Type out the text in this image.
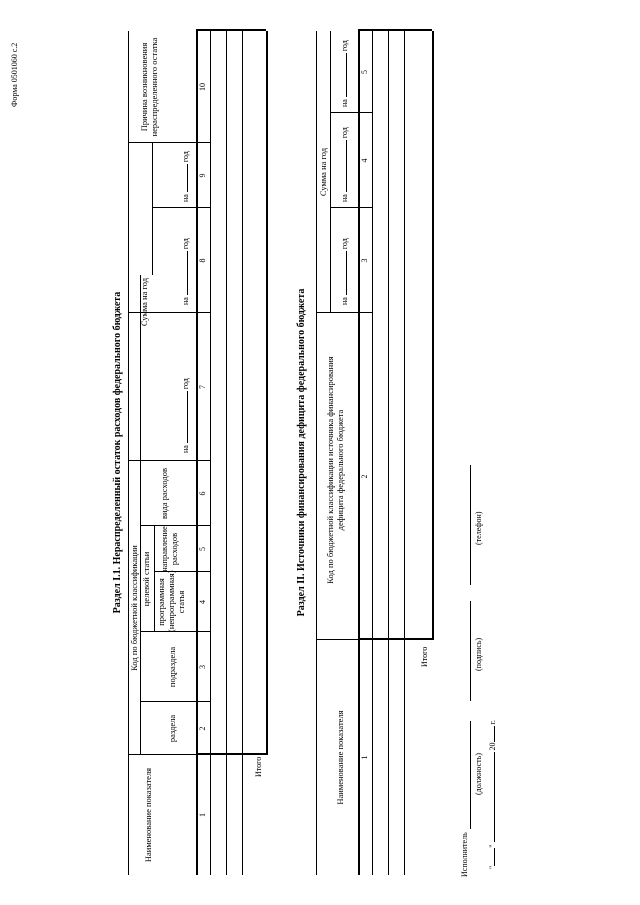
Форма 0501060 с.2
Раздел I.1. Нераспределенный остаток расходов федерального бюджета
Наименование показателя
Код по бюджетной классификации
раздела
подраздела
целевой статьи программная (непрограммная) статья
направление расходов
вида расходов
Сумма на год
на  год
на  год
на  год
Причина возникновения нераспределенного остатка
1
2
3
4
5
6
7
8
9
10
Итого
Раздел II. Источники финансирования дефицита федерального бюджета
Наименование показателя
Код по бюджетной классификации источника финансирования дефицита федерального бюджета
Сумма на год
на  год
на  год
на  год
1
2
3
4
5
Итого
Исполнитель
(должность)
(подпись)
(телефон)
""  20 г.
